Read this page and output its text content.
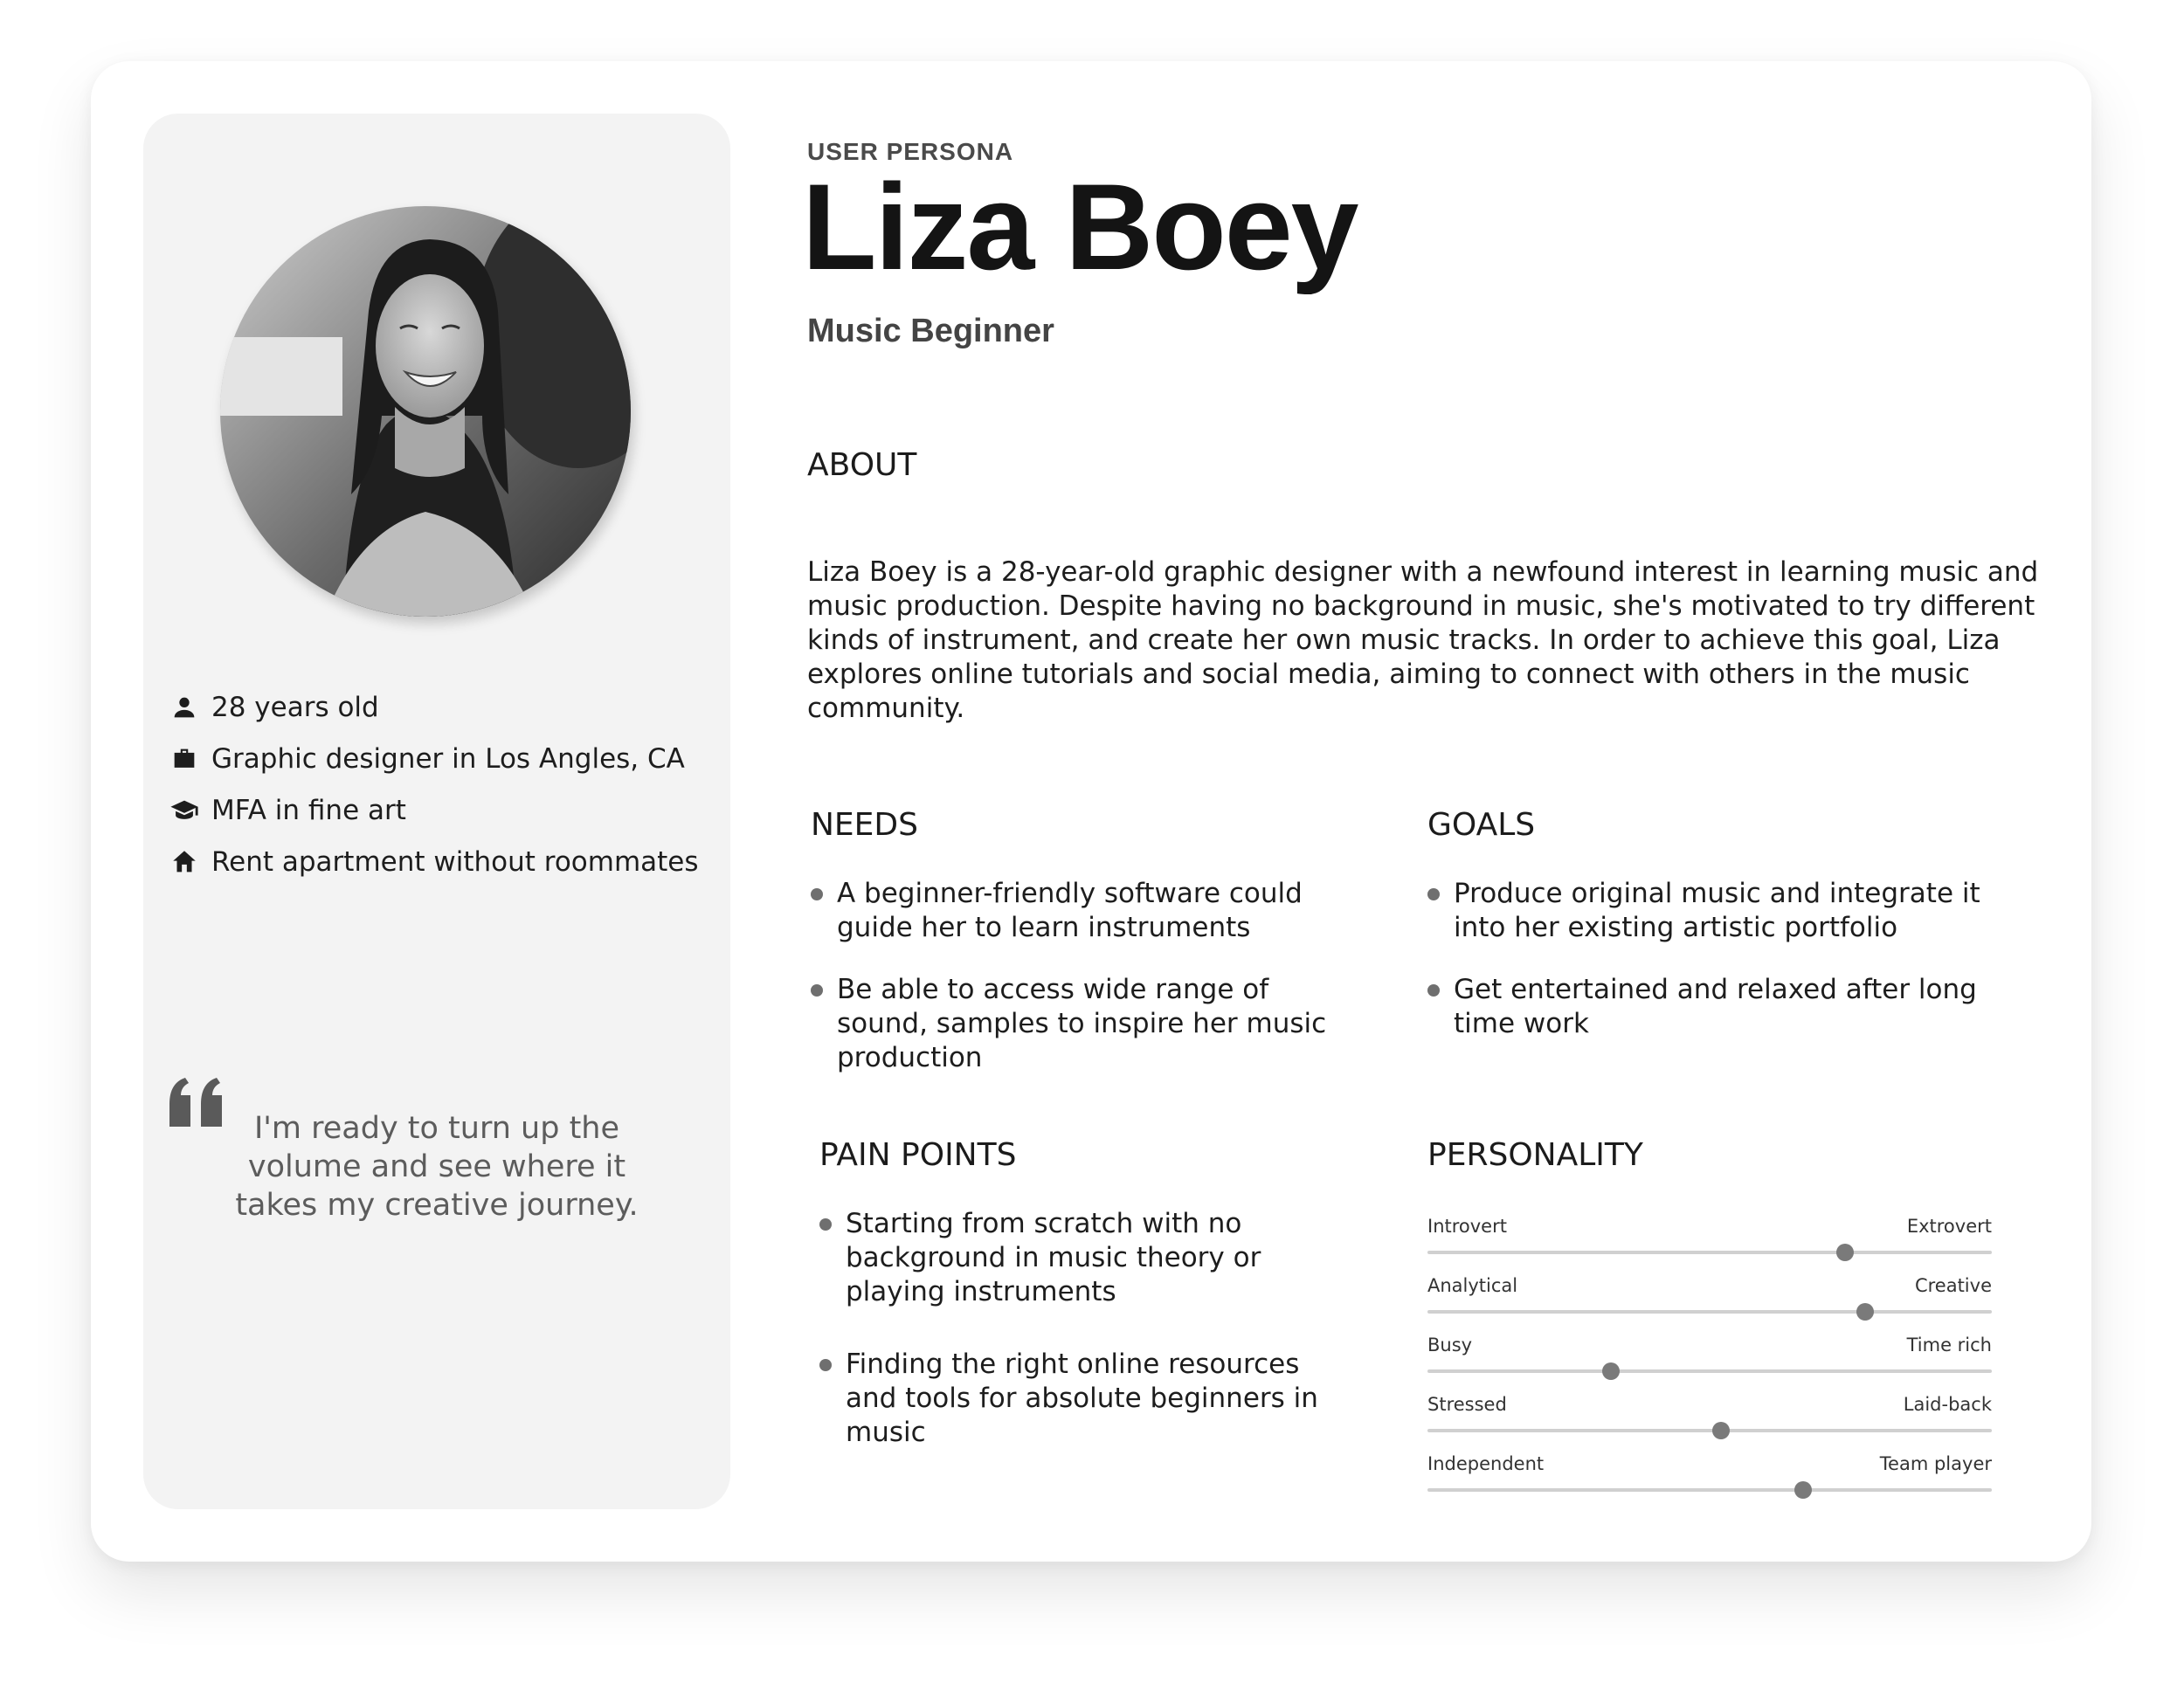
28 years old
Graphic designer in Los Angles, CA
MFA in fine art
Rent apartment without roommates
I'm ready to turn up the volume and see where it takes my creative journey.
USER PERSONA
Liza Boey
Music Beginner
ABOUT
Liza Boey is a 28-year-old graphic designer with a newfound interest in learning music and music production. Despite having no background in music, she's motivated to try different kinds of instrument, and create her own music tracks. In order to achieve this goal, Liza explores online tutorials and social media, aiming to connect with others in the music community.
NEEDS
A beginner-friendly software could guide her to learn instruments
Be able to access wide range of sound, samples to inspire her music production
GOALS
Produce original music and integrate it into her existing artistic portfolio
Get entertained and relaxed after long time work
PAIN POINTS
Starting from scratch with no background in music theory or playing instruments
Finding the right online resources and tools for absolute beginners in music
PERSONALITY
Introvert	Extrovert
Analytical	Creative
Busy	Time rich
Stressed	Laid-back
Independent	Team player
